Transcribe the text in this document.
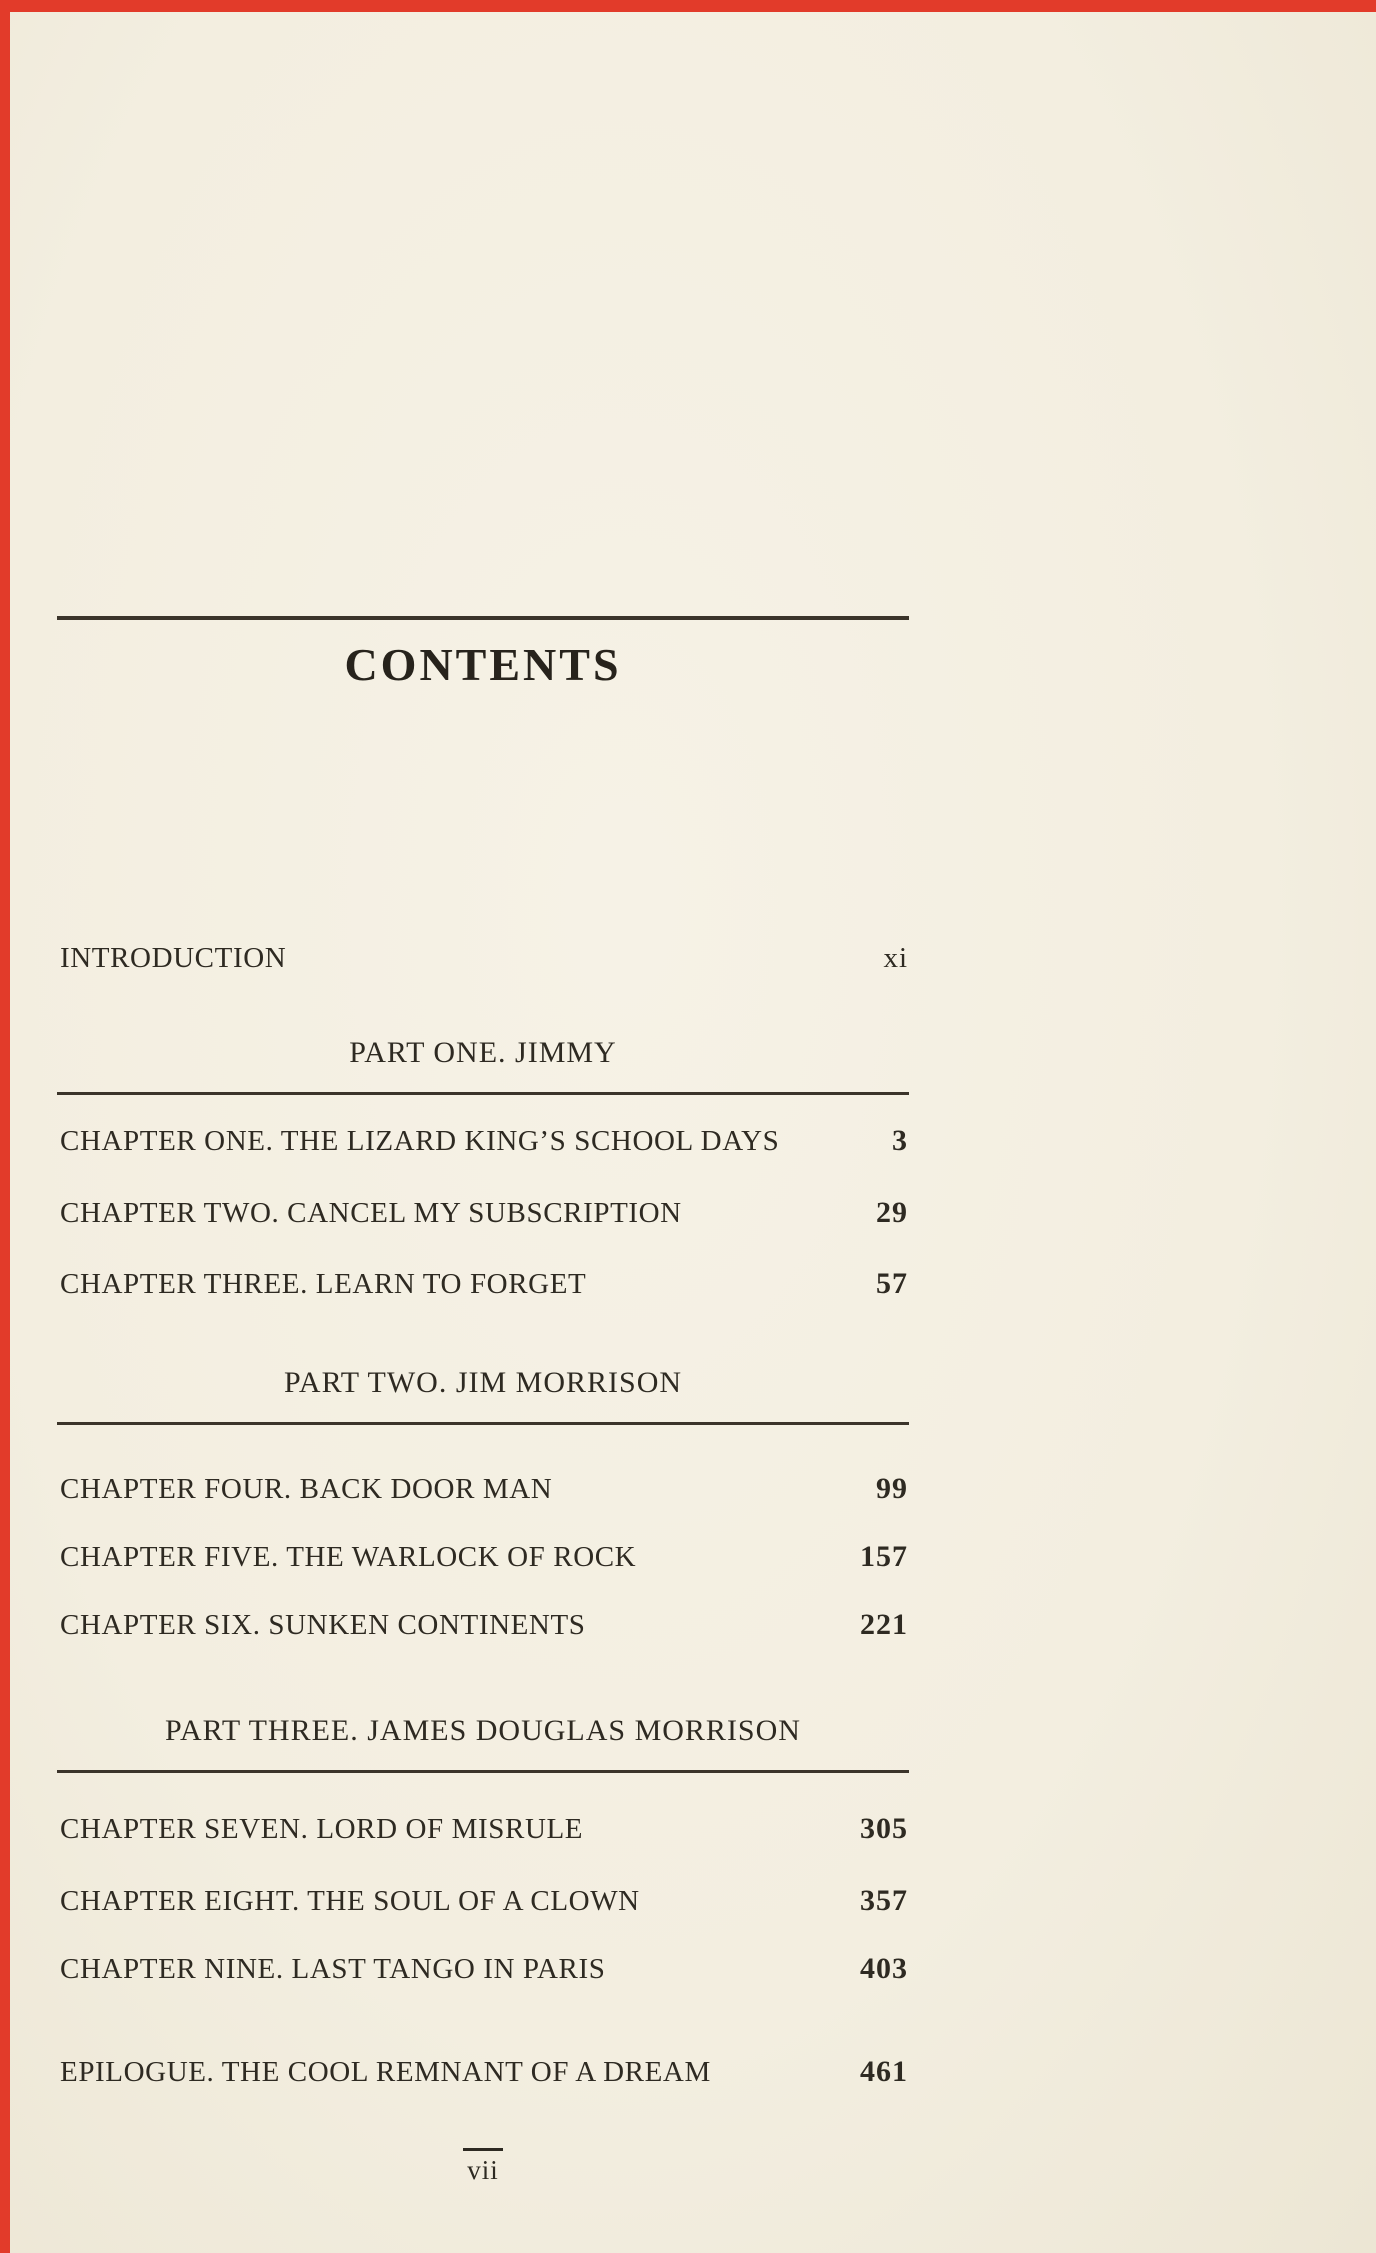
CONTENTS
INTRODUCTION	xi
PART ONE. JIMMY
CHAPTER ONE. THE LIZARD KING’S SCHOOL DAYS	3
CHAPTER TWO. CANCEL MY SUBSCRIPTION	29
CHAPTER THREE. LEARN TO FORGET	57
PART TWO. JIM MORRISON
CHAPTER FOUR. BACK DOOR MAN	99
CHAPTER FIVE. THE WARLOCK OF ROCK	157
CHAPTER SIX. SUNKEN CONTINENTS	221
PART THREE. JAMES DOUGLAS MORRISON
CHAPTER SEVEN. LORD OF MISRULE	305
CHAPTER EIGHT. THE SOUL OF A CLOWN	357
CHAPTER NINE. LAST TANGO IN PARIS	403
EPILOGUE. THE COOL REMNANT OF A DREAM	461
vii
